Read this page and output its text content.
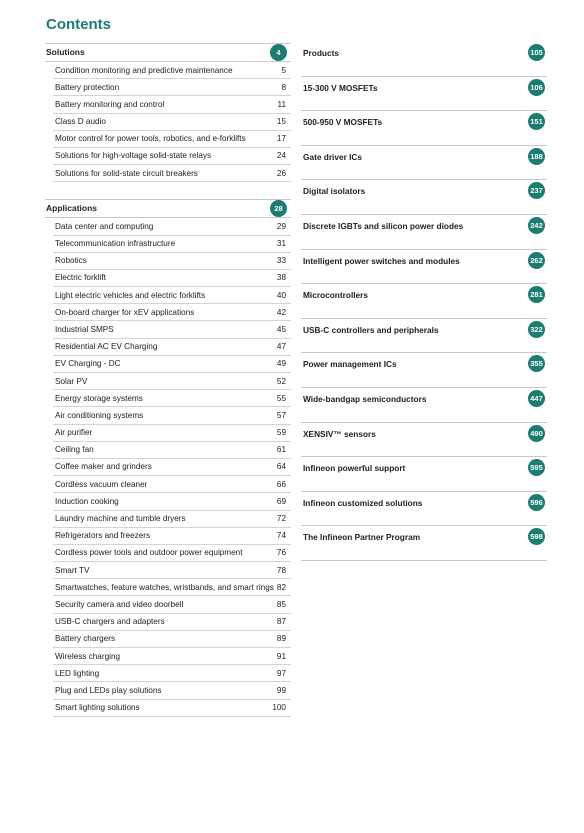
Contents
Solutions	4
Condition monitoring and predictive maintenance	5
Battery protection	8
Battery monitoring and control	11
Class D audio	15
Motor control for power tools, robotics, and e-forklifts	17
Solutions for high-voltage solid-state relays	24
Solutions for solid-state circuit breakers	26
Applications	28
Data center and computing	29
Telecommunication infrastructure	31
Robotics	33
Electric forklift	38
Light electric vehicles and electric forklifts	40
On-board charger for xEV applications	42
Industrial SMPS	45
Residential AC EV Charging	47
EV Charging - DC	49
Solar PV	52
Energy storage systems	55
Air conditioning systems	57
Air purifier	59
Ceiling fan	61
Coffee maker and grinders	64
Cordless vacuum cleaner	66
Induction cooking	69
Laundry machine and tumble dryers	72
Refrigerators and freezers	74
Cordless power tools and outdoor power equipment	76
Smart TV	78
Smartwatches, feature watches, wristbands, and smart rings 82
Security camera and video doorbell	85
USB-C chargers and adapters	87
Battery chargers	89
Wireless charging	91
LED lighting	97
Plug and LEDs play solutions	99
Smart lighting solutions	100
Products	105
15-300 V MOSFETs	106
500-950 V MOSFETs	151
Gate driver ICs	188
Digital isolators	237
Discrete IGBTs and silicon power diodes	242
Intelligent power switches and modules	262
Microcontrollers	281
USB-C controllers and peripherals	322
Power management ICs	355
Wide-bandgap semiconductors	447
XENSIV™ sensors	490
Infineon powerful support	595
Infineon customized solutions	596
The Infineon Partner Program	598
